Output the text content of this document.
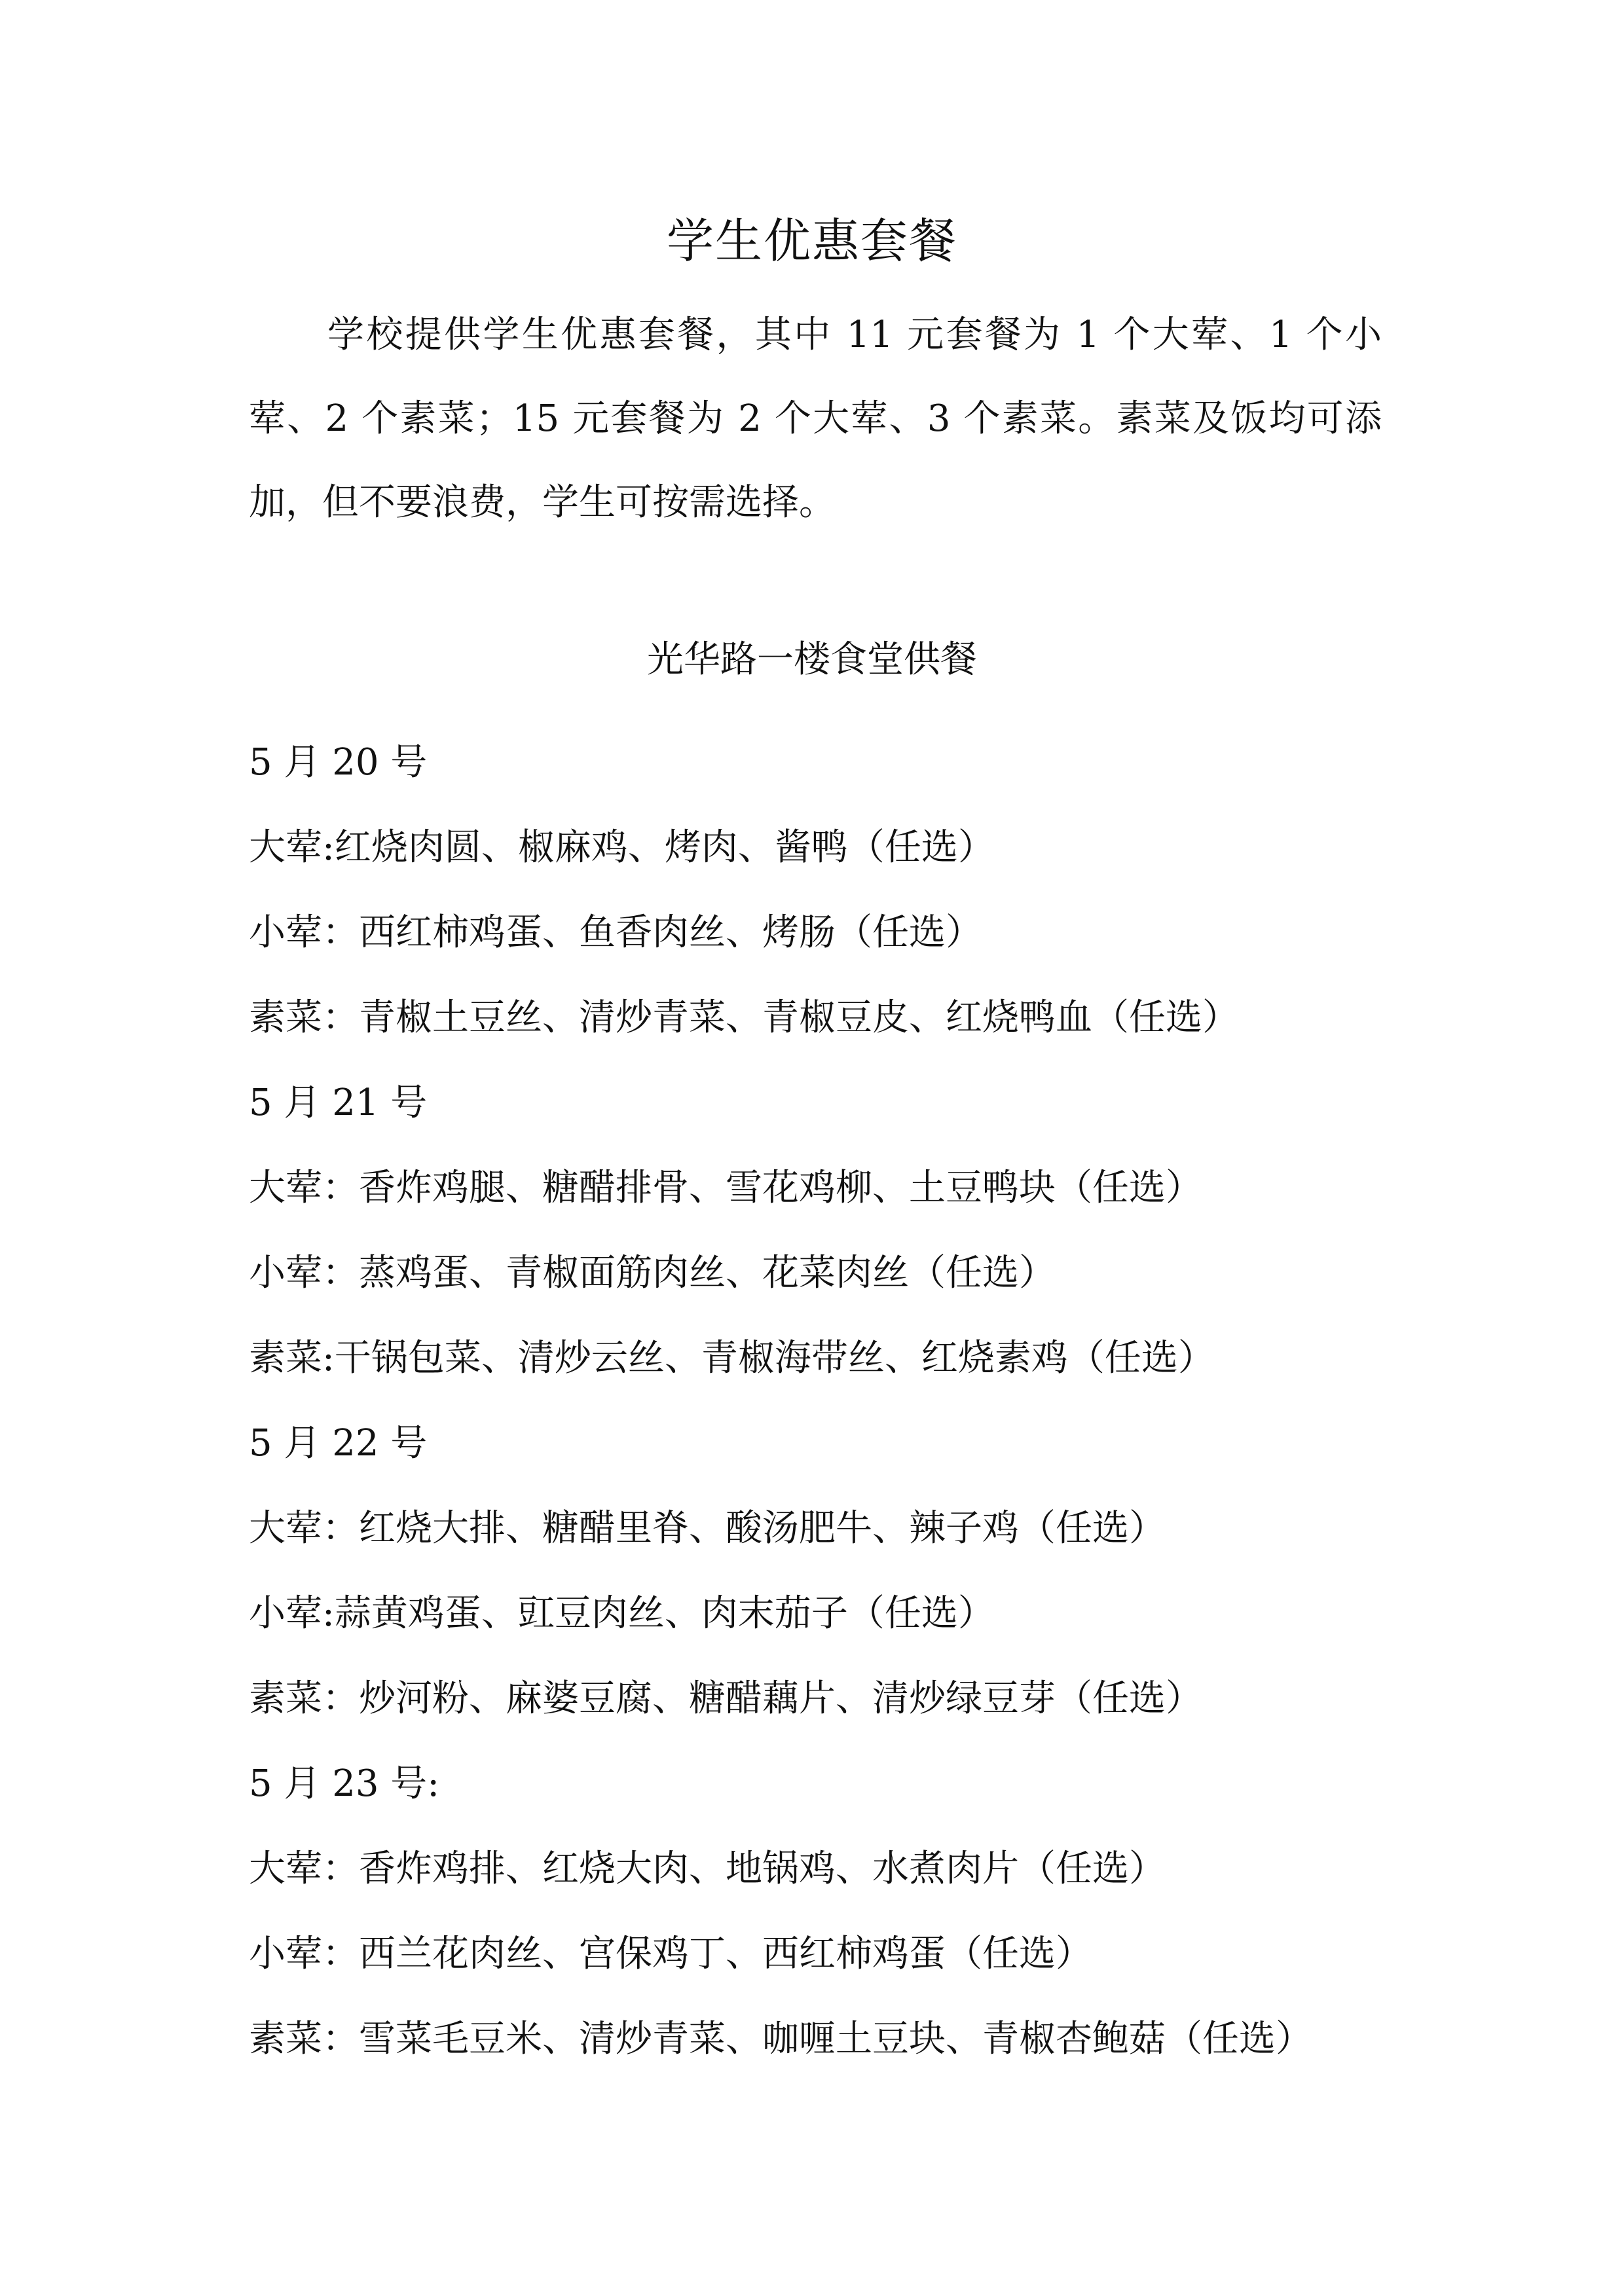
学生优惠套餐

学校提供学生优惠套餐，其中 11 元套餐为 1 个大荤、1 个小荤、2 个素菜；15 元套餐为 2 个大荤、3 个素菜。素菜及饭均可添加，但不要浪费，学生可按需选择。

光华路一楼食堂供餐
5 月 20 号
大荤:红烧肉圆、椒麻鸡、烤肉、酱鸭（任选）
小荤：西红柿鸡蛋、鱼香肉丝、烤肠（任选）
素菜：青椒土豆丝、清炒青菜、青椒豆皮、红烧鸭血（任选）
5 月 21 号
大荤：香炸鸡腿、糖醋排骨、雪花鸡柳、土豆鸭块（任选）
小荤：蒸鸡蛋、青椒面筋肉丝、花菜肉丝（任选）
素菜:干锅包菜、清炒云丝、青椒海带丝、红烧素鸡（任选）
5 月 22 号
大荤：红烧大排、糖醋里脊、酸汤肥牛、辣子鸡（任选）
小荤:蒜黄鸡蛋、豇豆肉丝、肉末茄子（任选）
素菜：炒河粉、麻婆豆腐、糖醋藕片、清炒绿豆芽（任选）
5 月 23 号:
大荤：香炸鸡排、红烧大肉、地锅鸡、水煮肉片（任选）
小荤：西兰花肉丝、宫保鸡丁、西红柿鸡蛋（任选）
素菜：雪菜毛豆米、清炒青菜、咖喱土豆块、青椒杏鲍菇（任选）
